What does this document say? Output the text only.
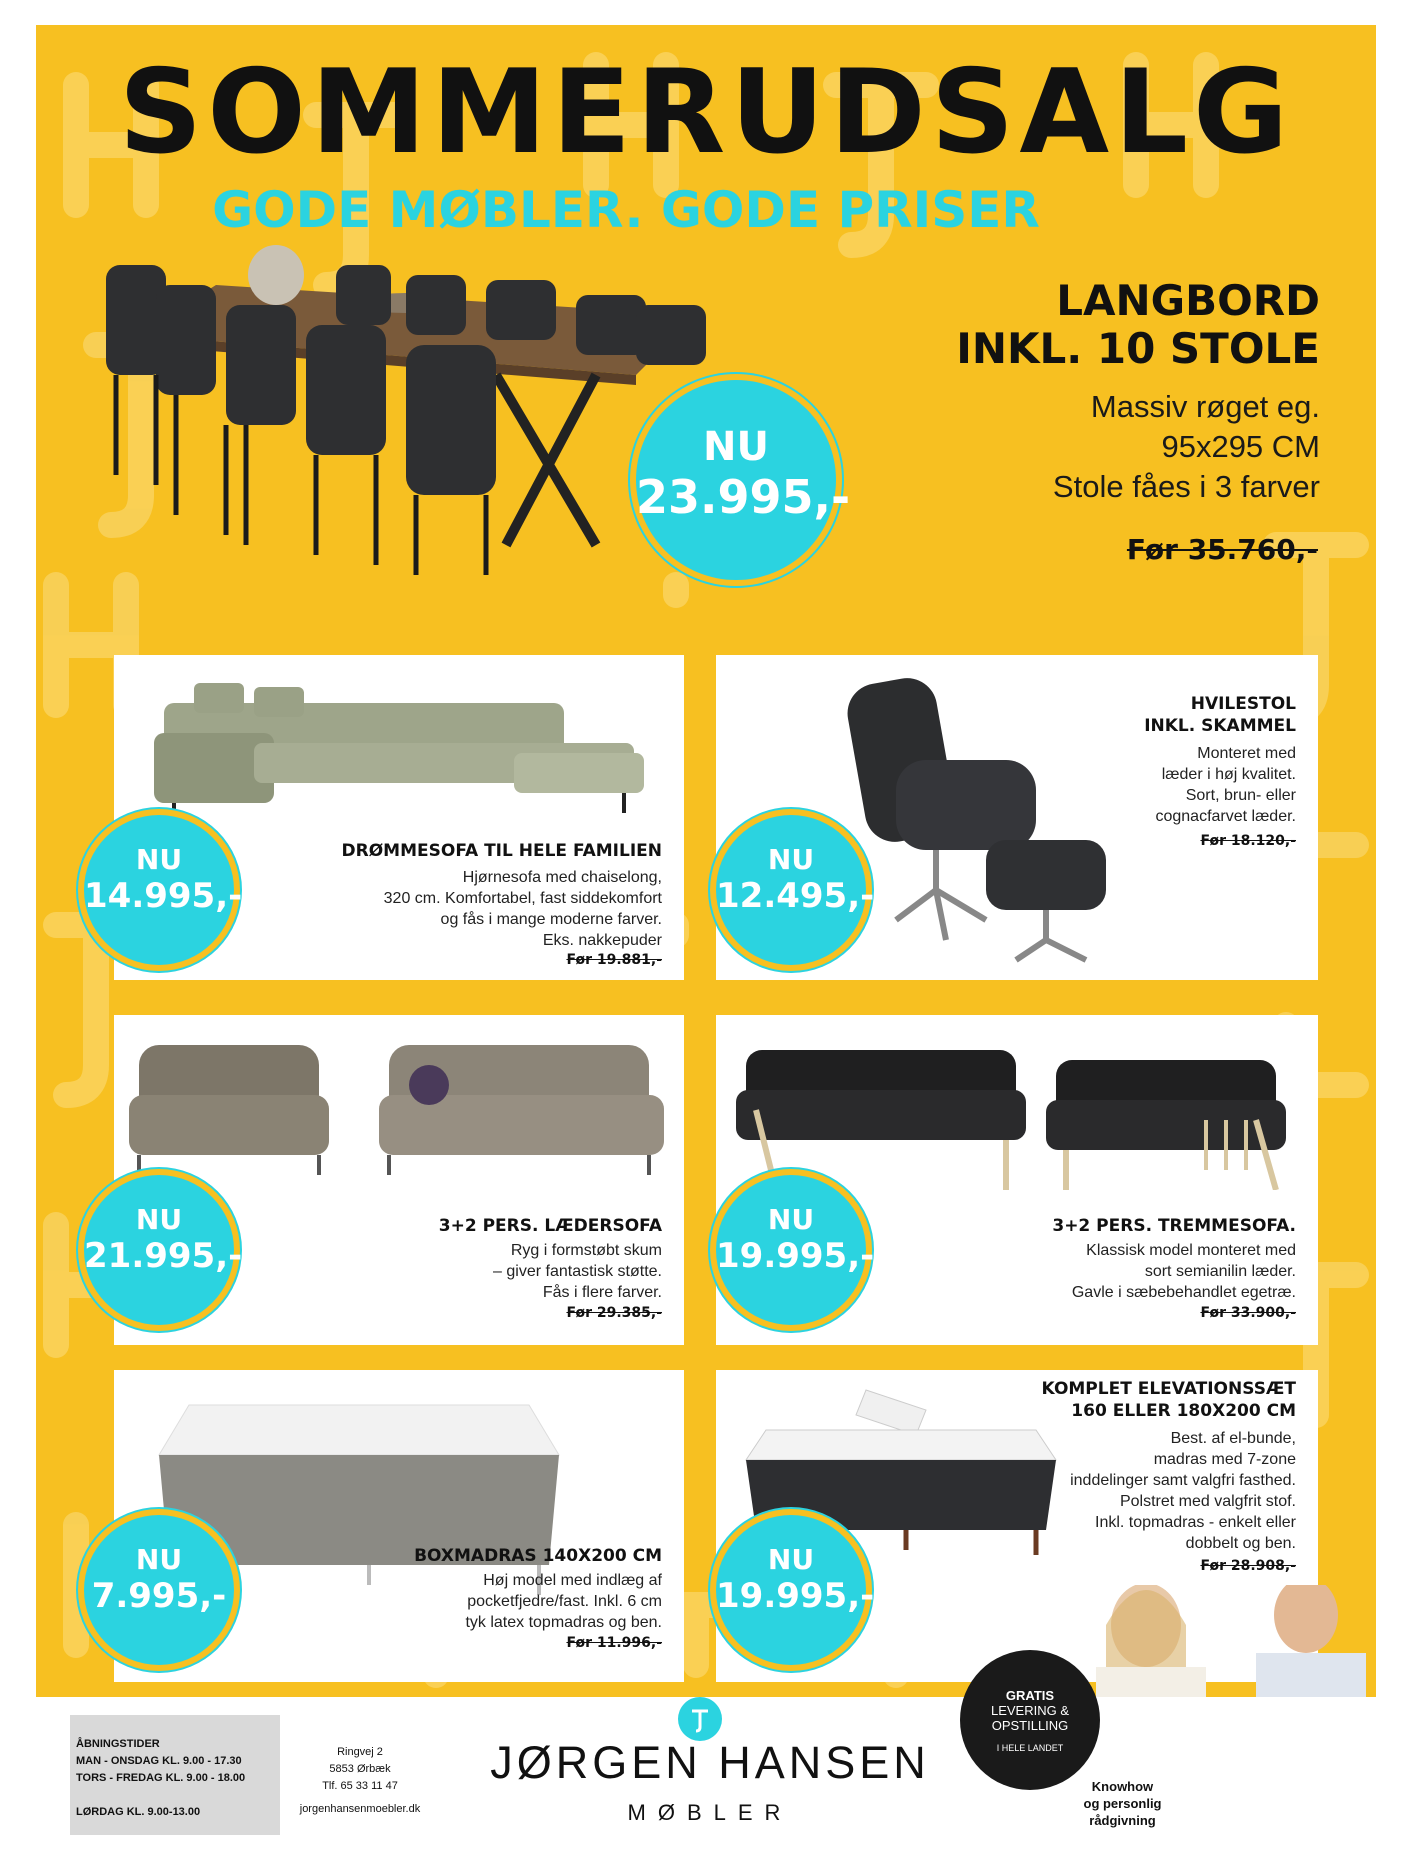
SOMMERUDSALG
GODE MØBLER. GODE PRISER
LANGBORD
INKL. 10 STOLE
Massiv røget eg.
95x295 CM
Stole fåes i 3 farver
Før 35.760,-
NU
23.995,-
DRØMMESOFA TIL HELE FAMILIEN
Hjørnesofa med chaiselong,
320 cm. Komfortabel, fast siddekomfort
og fås i mange moderne farver.
Eks. nakkepuder
Før 19.881,-
HVILESTOL
INKL. SKAMMEL
Monteret med
læder i høj kvalitet.
Sort, brun- eller
cognacfarvet læder.
Før 18.120,-
3+2 PERS. LÆDERSOFA
Ryg i formstøbt skum
– giver fantastisk støtte.
Fås i flere farver.
Før 29.385,-
3+2 PERS. TREMMESOFA.
Klassisk model monteret med
sort semianilin læder.
Gavle i sæbebehandlet egetræ.
Før 33.900,-
BOXMADRAS 140X200 CM
Høj model med indlæg af
pocketfjedre/fast. Inkl. 6 cm
tyk latex topmadras og ben.
Før 11.996,-
KOMPLET ELEVATIONSSÆT
160 ELLER 180X200 CM
Best. af el-bunde,
madras med 7-zone
inddelinger samt valgfri fasthed.
Polstret med valgfrit stof.
Inkl. topmadras - enkelt eller
dobbelt og ben.
Før 28.908,-
NU
14.995,-
NU
12.495,-
NU
21.995,-
NU
19.995,-
NU
7.995,-
NU
19.995,-
ÅBNINGSTIDER
MAN - ONSDAG KL. 9.00 - 17.30
TORS - FREDAG KL. 9.00 - 18.00
LØRDAG KL. 9.00-13.00
Ringvej 2
5853 Ørbæk
Tlf. 65 33 11 47
jorgenhansenmoebler.dk
JØRGEN HANSEN
MØBLER
GRATIS
LEVERING &
OPSTILLING
I HELE LANDET
Knowhow
og personlig
rådgivning
